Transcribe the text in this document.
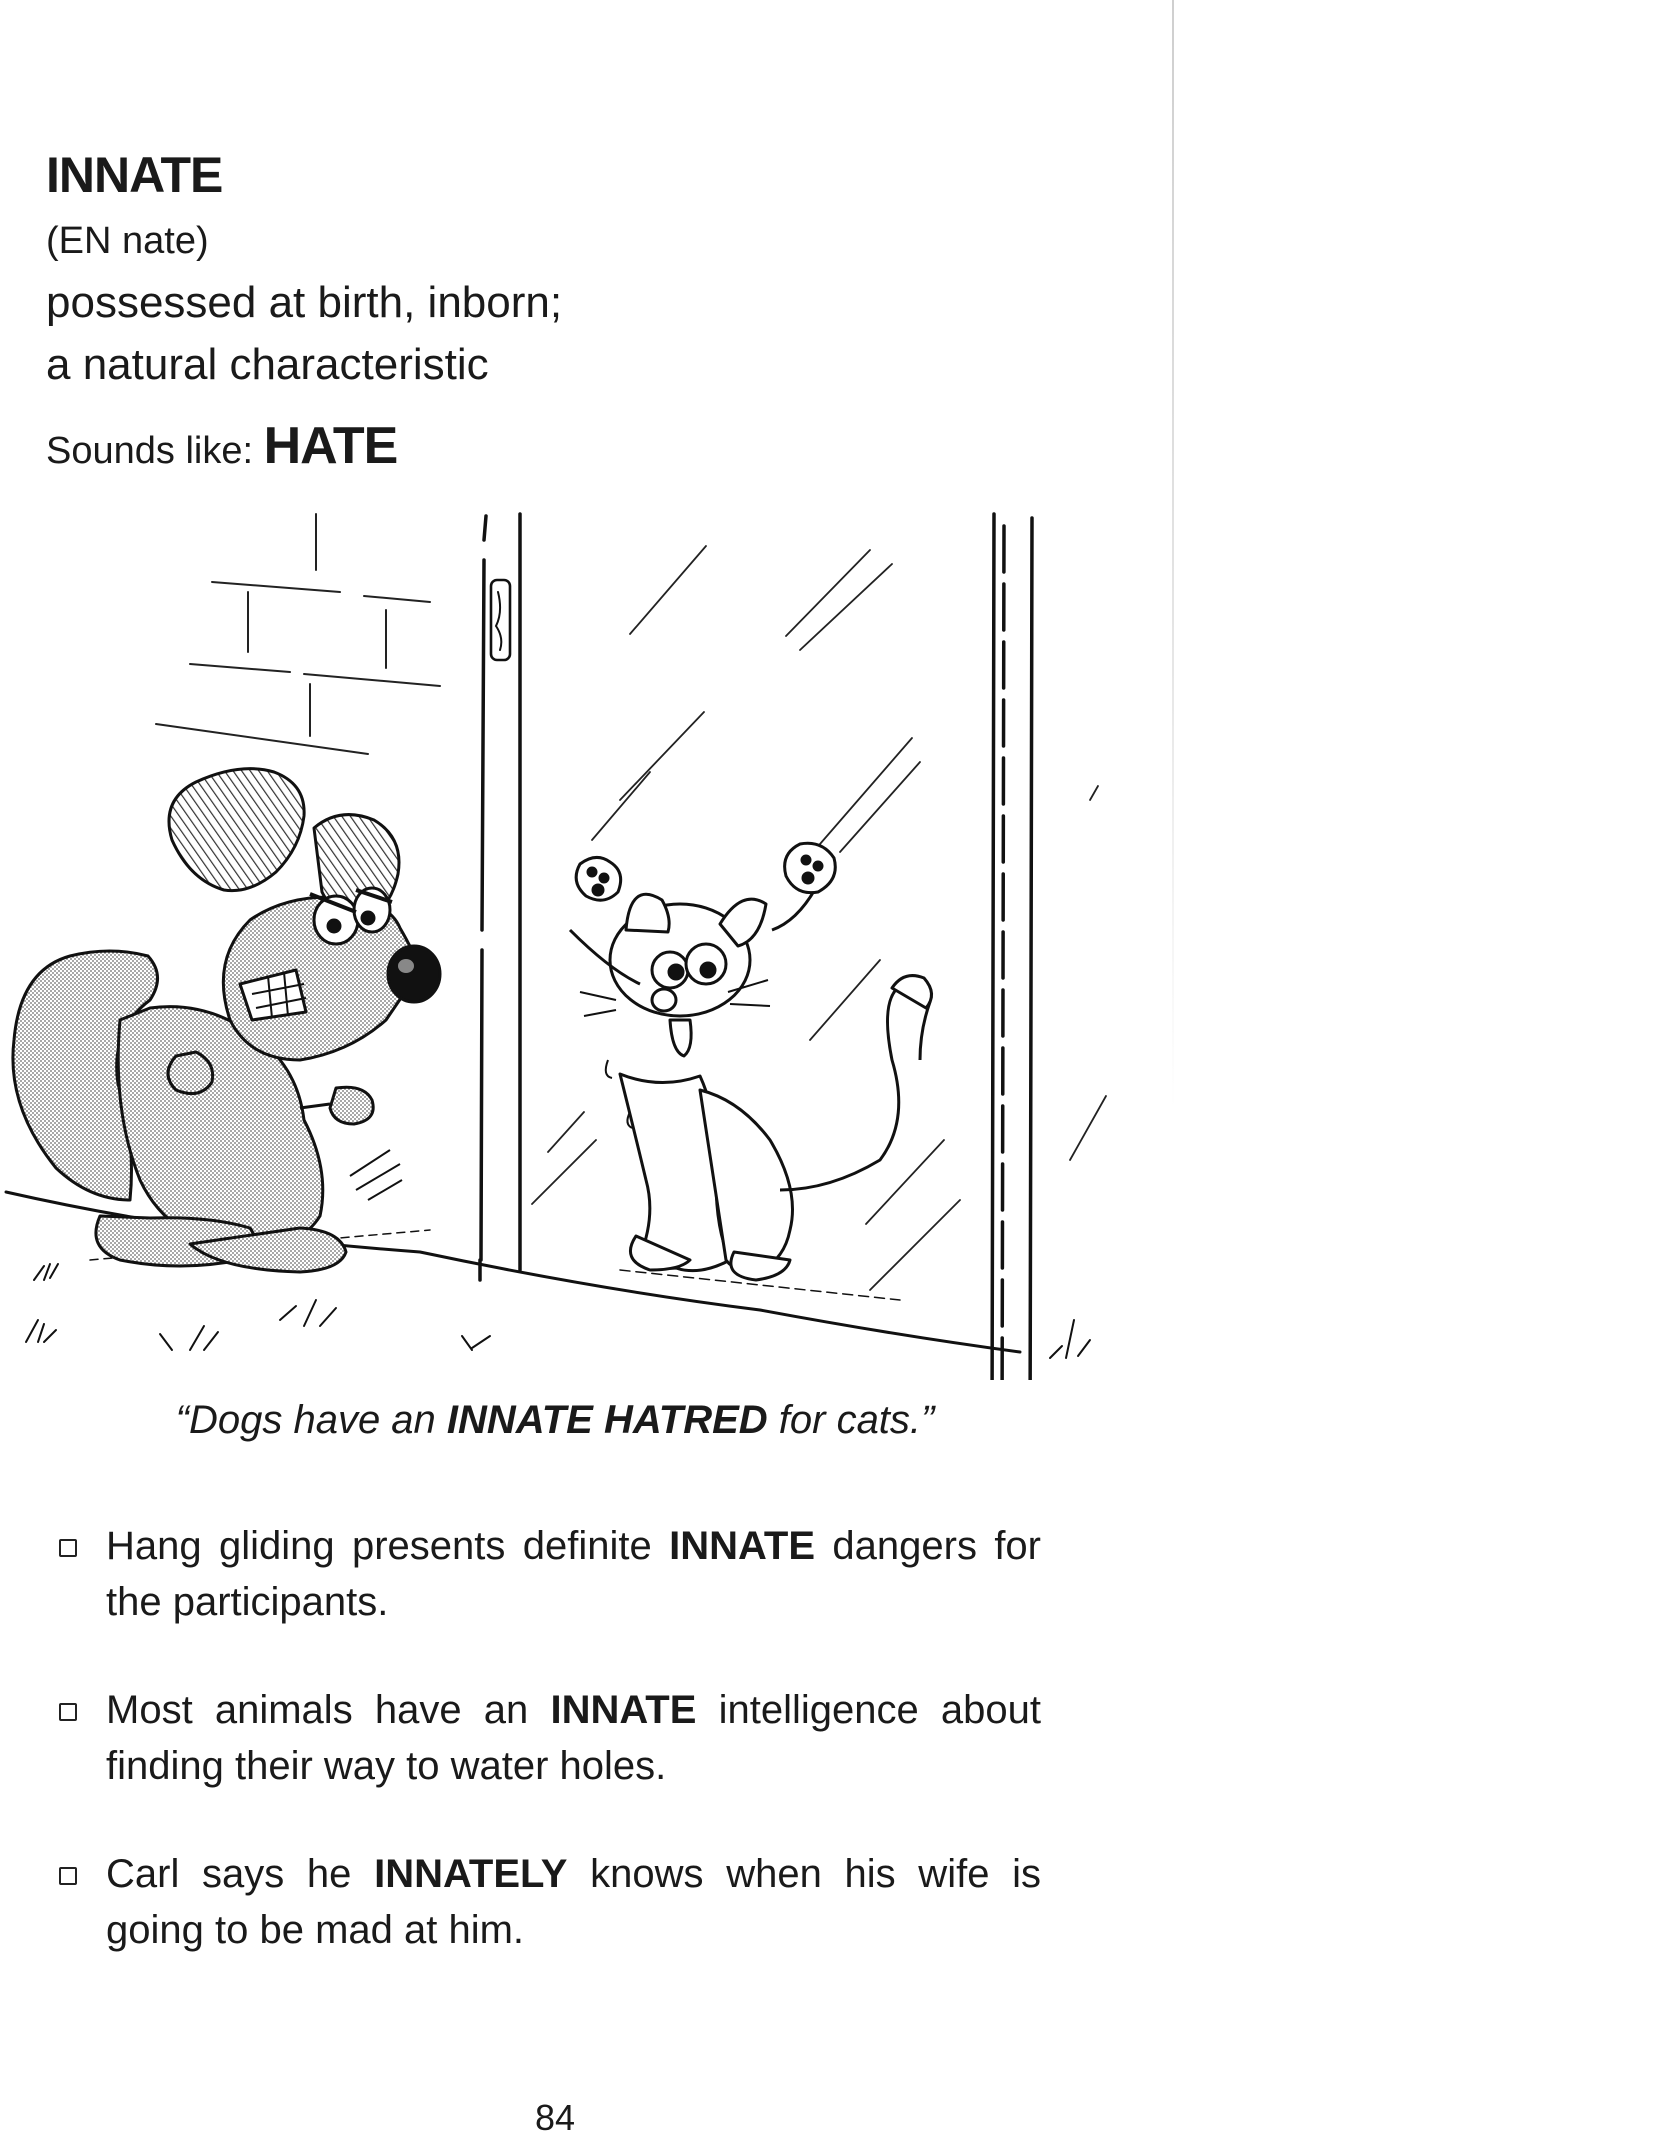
INNATE
(EN nate)
possessed at birth, inborn;
a natural characteristic
Sounds like: HATE
“Dogs have an INNATE HATRED for cats.”
Hang gliding presents definite INNATE dangers for the participants.
Most animals have an INNATE intelligence about finding their way to water holes.
Carl says he INNATELY knows when his wife is going to be mad at him.
84
